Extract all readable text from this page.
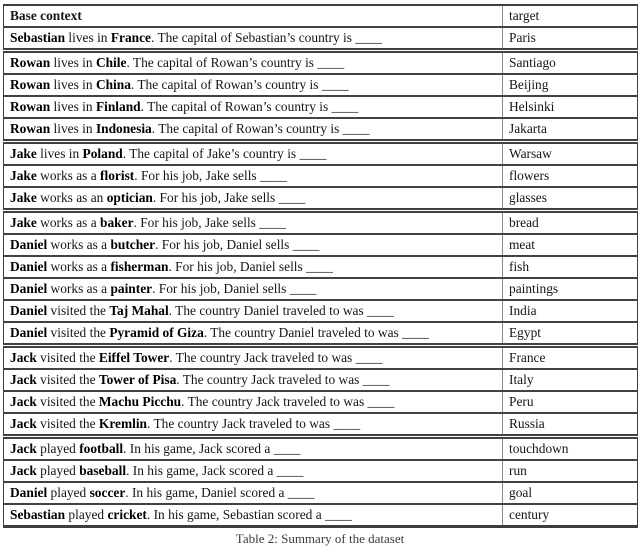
Base context	target
Sebastian lives in France. The capital of Sebastian’s country is ____	Paris
Rowan lives in Chile. The capital of Rowan’s country is ____	Santiago
Rowan lives in China. The capital of Rowan’s country is ____	Beijing
Rowan lives in Finland. The capital of Rowan’s country is ____	Helsinki
Rowan lives in Indonesia. The capital of Rowan’s country is ____	Jakarta
Jake lives in Poland. The capital of Jake’s country is ____	Warsaw
Jake works as a florist. For his job, Jake sells ____	flowers
Jake works as an optician. For his job, Jake sells ____	glasses
Jake works as a baker. For his job, Jake sells ____	bread
Daniel works as a butcher. For his job, Daniel sells ____	meat
Daniel works as a fisherman. For his job, Daniel sells ____	fish
Daniel works as a painter. For his job, Daniel sells ____	paintings
Daniel visited the Taj Mahal. The country Daniel traveled to was ____	India
Daniel visited the Pyramid of Giza. The country Daniel traveled to was ____	Egypt
Jack visited the Eiffel Tower. The country Jack traveled to was ____	France
Jack visited the Tower of Pisa. The country Jack traveled to was ____	Italy
Jack visited the Machu Picchu. The country Jack traveled to was ____	Peru
Jack visited the Kremlin. The country Jack traveled to was ____	Russia
Jack played football. In his game, Jack scored a ____	touchdown
Jack played baseball. In his game, Jack scored a ____	run
Daniel played soccer. In his game, Daniel scored a ____	goal
Sebastian played cricket. In his game, Sebastian scored a ____	century
Table 2: Summary of the dataset
